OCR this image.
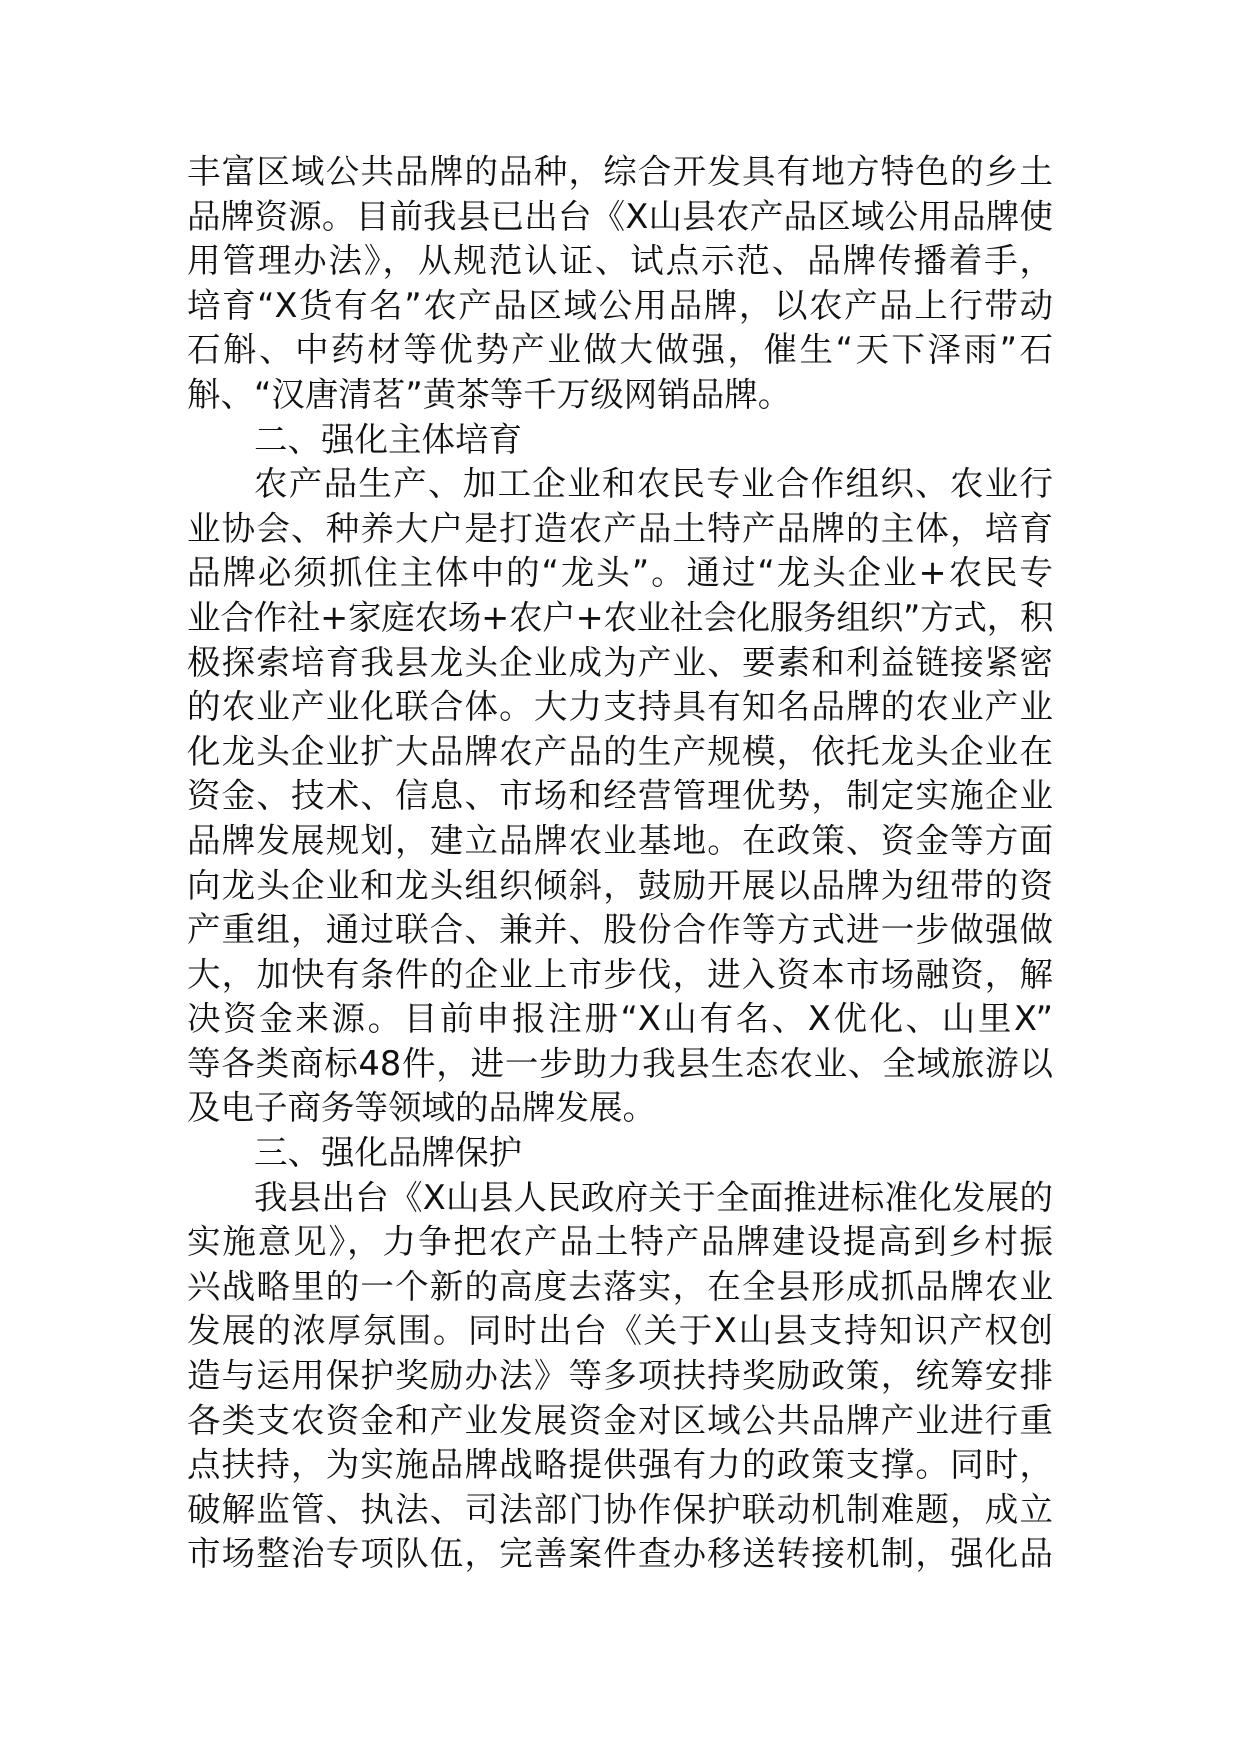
丰富区域公共品牌的品种，综合开发具有地方特色的乡土
品牌资源。目前我县已出台《X山县农产品区域公用品牌使
用管理办法》，从规范认证、试点示范、品牌传播着手，
培育“X货有名”农产品区域公用品牌，以农产品上行带动
石斛、中药材等优势产业做大做强，催生“天下泽雨”石
斛、“汉唐清茗”黄茶等千万级网销品牌。
二、强化主体培育
农产品生产、加工企业和农民专业合作组织、农业行
业协会、种养大户是打造农产品土特产品牌的主体，培育
品牌必须抓住主体中的“龙头”。通过“龙头企业+农民专
业合作社+家庭农场+农户+农业社会化服务组织”方式，积
极探索培育我县龙头企业成为产业、要素和利益链接紧密
的农业产业化联合体。大力支持具有知名品牌的农业产业
化龙头企业扩大品牌农产品的生产规模，依托龙头企业在
资金、技术、信息、市场和经营管理优势，制定实施企业
品牌发展规划，建立品牌农业基地。在政策、资金等方面
向龙头企业和龙头组织倾斜，鼓励开展以品牌为纽带的资
产重组，通过联合、兼并、股份合作等方式进一步做强做
大，加快有条件的企业上市步伐，进入资本市场融资，解
决资金来源。目前申报注册“X山有名、X优化、山里X”
等各类商标48件，进一步助力我县生态农业、全域旅游以
及电子商务等领域的品牌发展。
三、强化品牌保护
我县出台《X山县人民政府关于全面推进标准化发展的
实施意见》，力争把农产品土特产品牌建设提高到乡村振
兴战略里的一个新的高度去落实，在全县形成抓品牌农业
发展的浓厚氛围。同时出台《关于X山县支持知识产权创
造与运用保护奖励办法》等多项扶持奖励政策，统筹安排
各类支农资金和产业发展资金对区域公共品牌产业进行重
点扶持，为实施品牌战略提供强有力的政策支撑。同时，
破解监管、执法、司法部门协作保护联动机制难题，成立
市场整治专项队伍，完善案件查办移送转接机制，强化品
